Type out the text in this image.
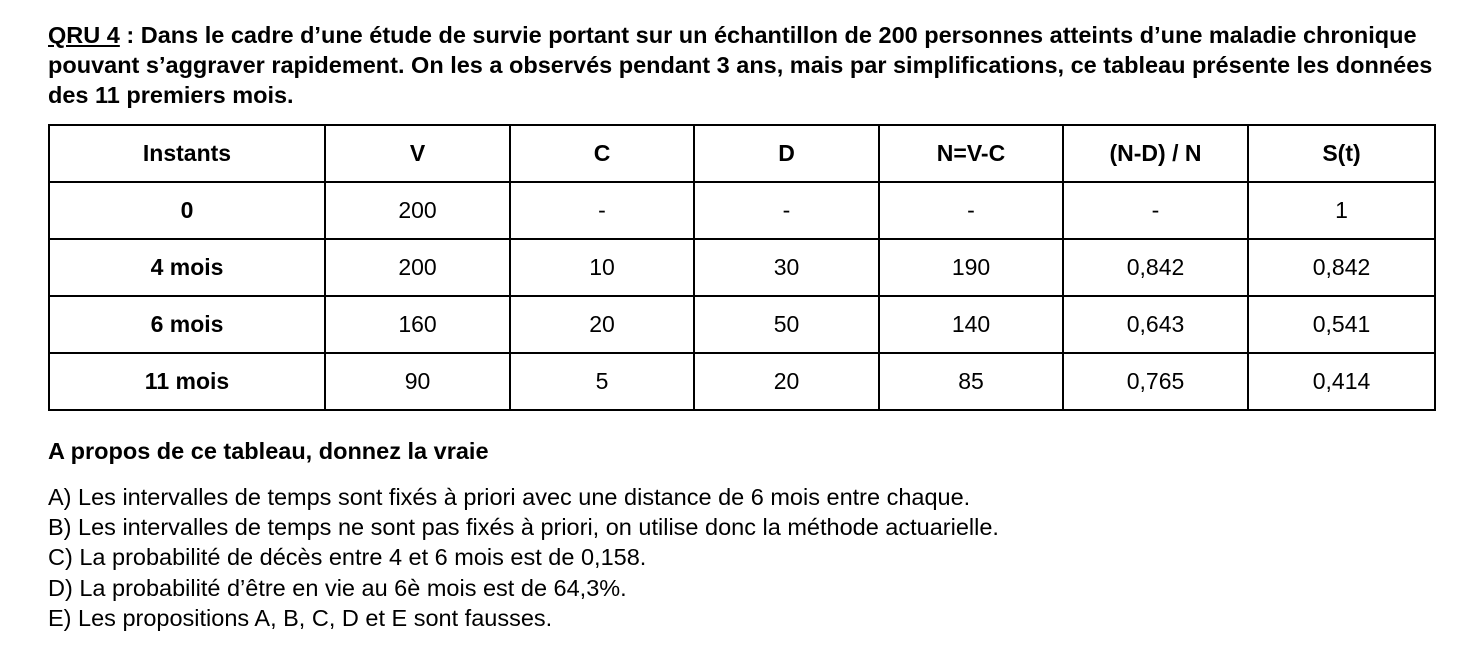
QRU 4 : Dans le cadre d’une étude de survie portant sur un échantillon de 200 personnes atteints d’une maladie chronique pouvant s’aggraver rapidement. On les a observés pendant 3 ans, mais par simplifications, ce tableau présente les données des 11 premiers mois.
Instants	V	C	D	N=V-C	(N-D) / N	S(t)
0	200	-	-	-	-	1
4 mois	200	10	30	190	0,842	0,842
6 mois	160	20	50	140	0,643	0,541
11 mois	90	5	20	85	0,765	0,414
A propos de ce tableau, donnez la vraie
A) Les intervalles de temps sont fixés à priori avec une distance de 6 mois entre chaque.
B) Les intervalles de temps ne sont pas fixés à priori, on utilise donc la méthode actuarielle.
C) La probabilité de décès entre 4 et 6 mois est de 0,158.
D) La probabilité d’être en vie au 6è mois est de 64,3%.
E) Les propositions A, B, C, D et E sont fausses.
